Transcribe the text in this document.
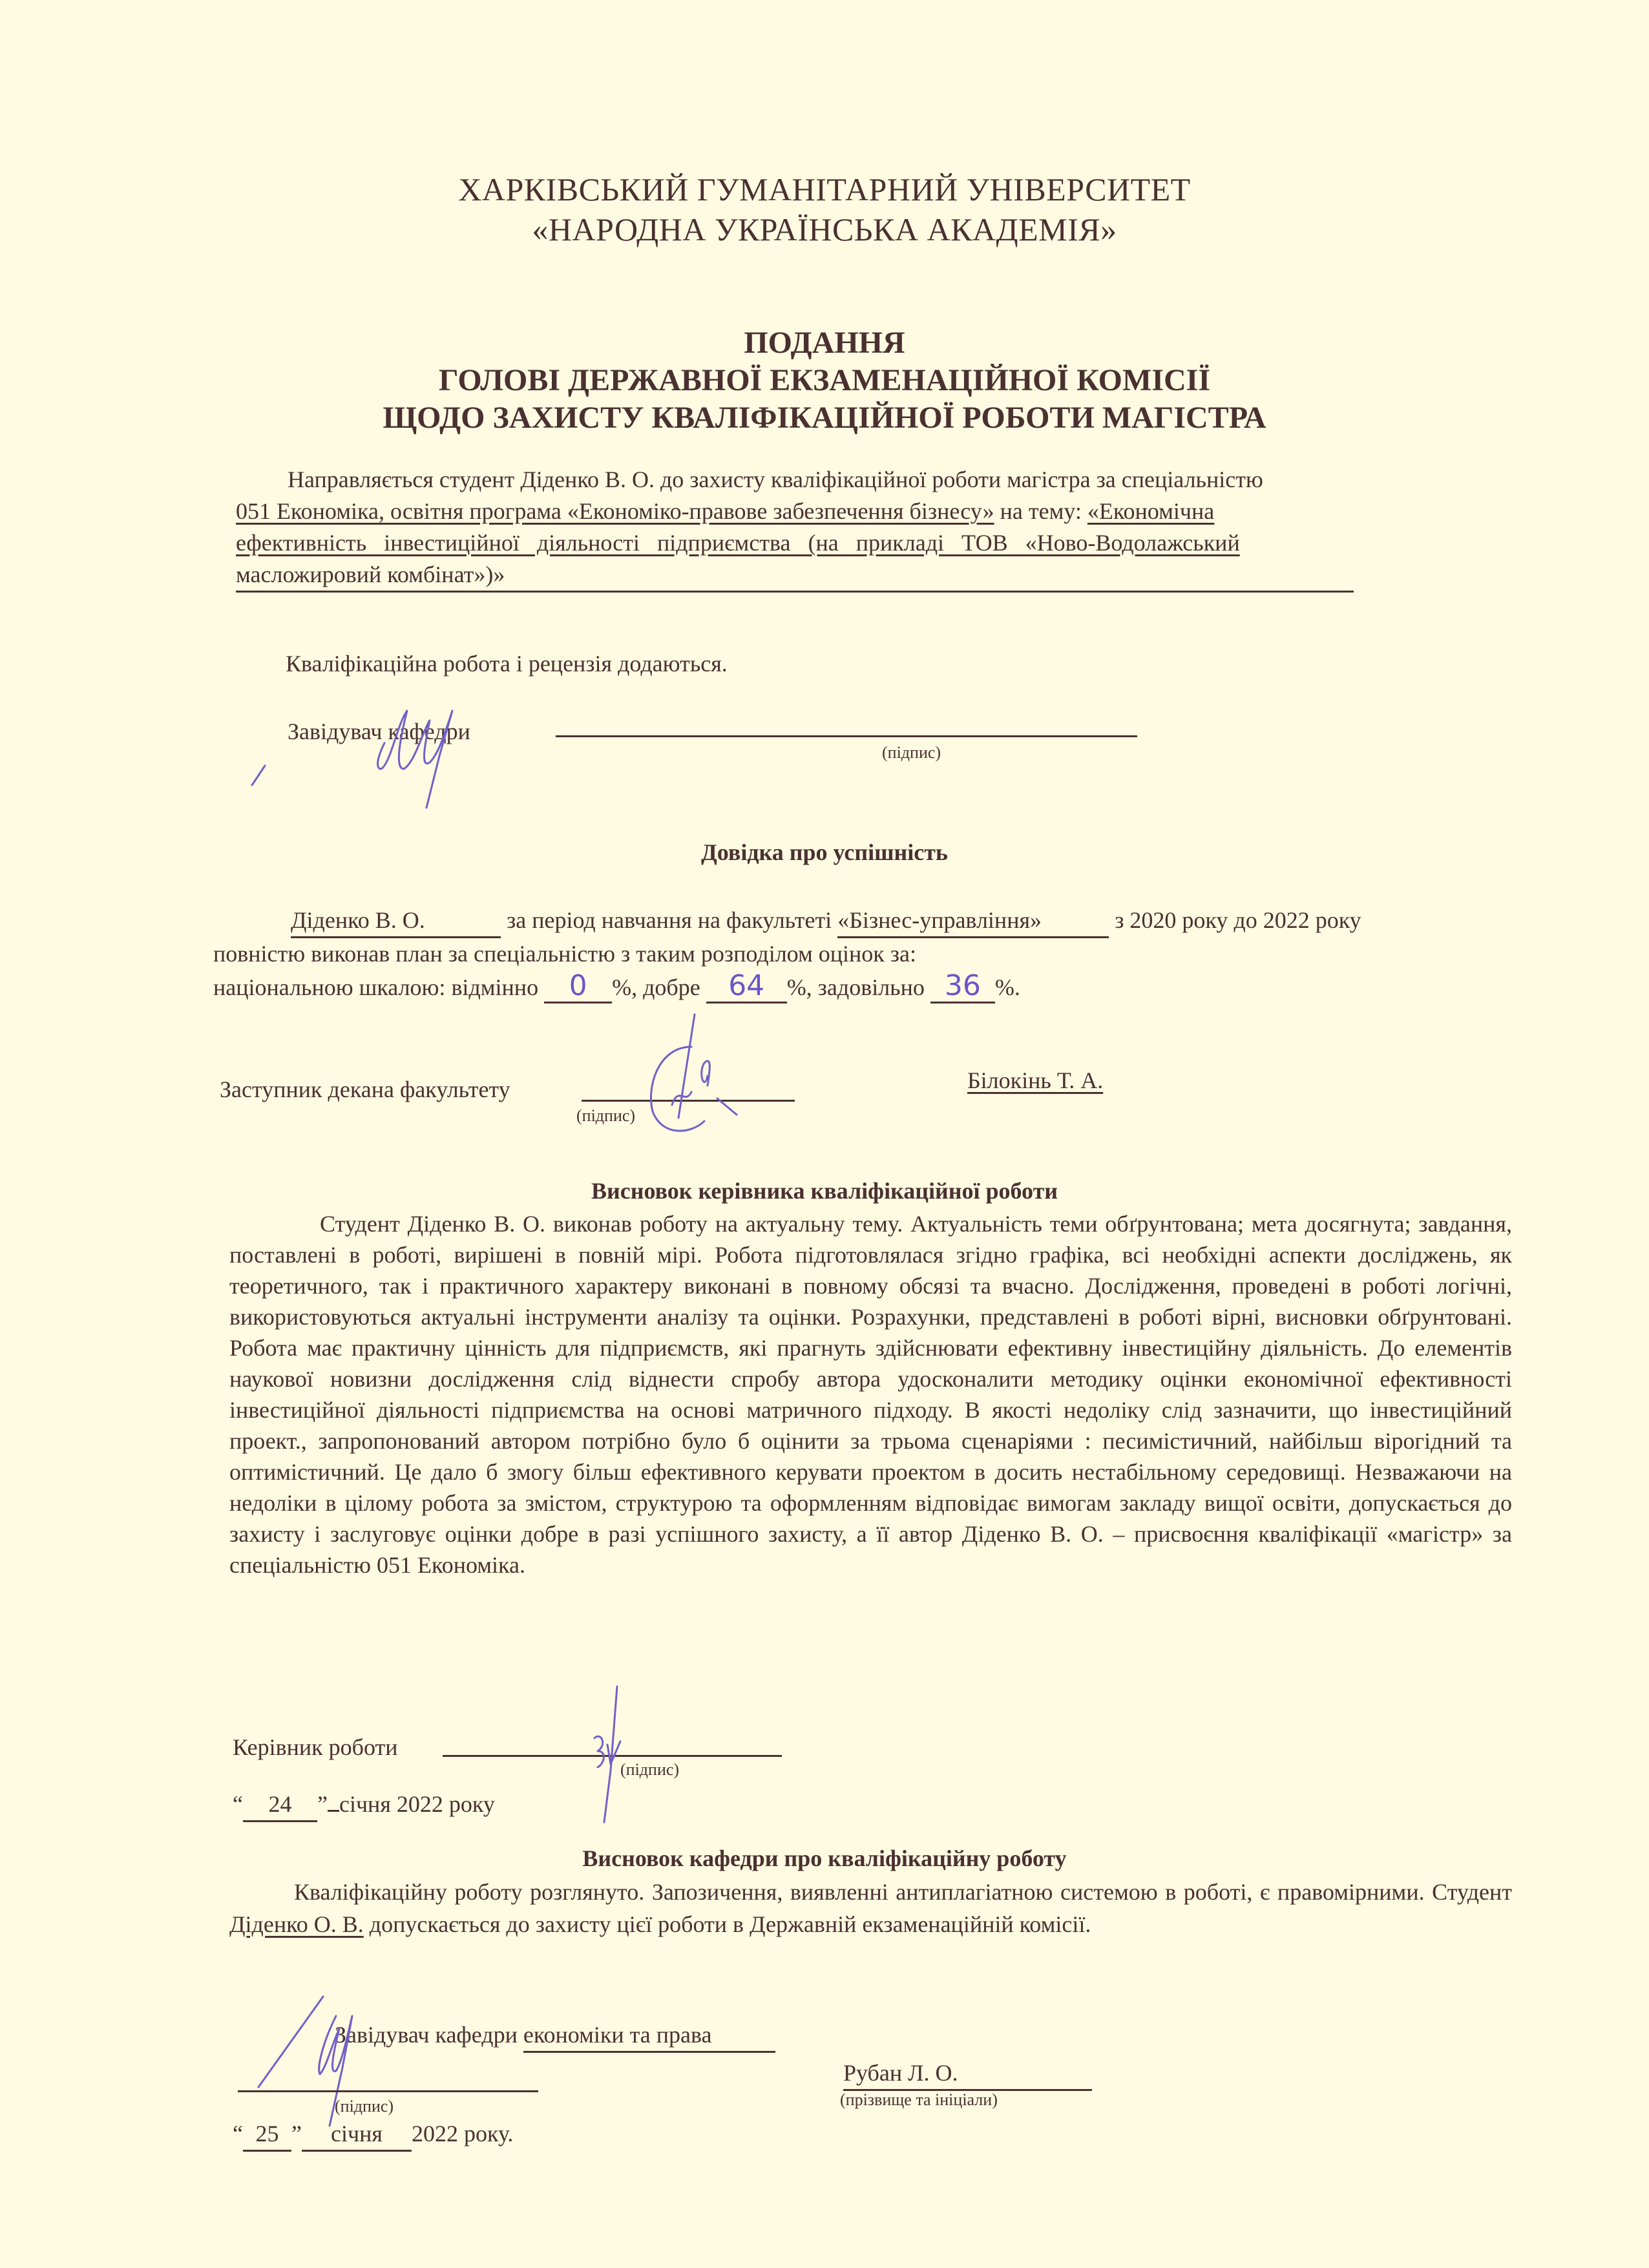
ХАРКІВСЬКИЙ ГУМАНІТАРНИЙ УНІВЕРСИТЕТ
«НАРОДНА УКРАЇНСЬКА АКАДЕМІЯ»
ПОДАННЯ
ГОЛОВІ ДЕРЖАВНОЇ ЕКЗАМЕНАЦІЙНОЇ КОМІСІЇ
ЩОДО ЗАХИСТУ КВАЛІФІКАЦІЙНОЇ РОБОТИ МАГІСТРА
Направляється студент Діденко В. О. до захисту кваліфікаційної роботи магістра за спеціальністю
051 Економіка, освітня програма «Економіко-правове забезпечення бізнесу» на тему: «Економічна
ефективність   інвестиційної   діяльності   підприємства   (на   прикладі   ТОВ   «Ново-Водолажський
масложировий комбінат»)»
Кваліфікаційна робота і рецензія додаються.
Завідувач кафедри
(підпис)
Довідка про успішність
Діденко В. О.	за період навчання на факультеті «Бізнес-управління»	з 2020 року до 2022 року
повністю виконав план за спеціальністю з таким розподілом оцінок за:
національною шкалою: відмінно 0 %, добре 64 %, задовільно 36 %.
Заступник декана факультету
(підпис)
Білокінь Т. А.
Висновок керівника кваліфікаційної роботи
Студент Діденко В. О. виконав роботу на актуальну тему. Актуальність теми обґрунтована; мета досягнута; завдання, поставлені в роботі, вирішені в повній мірі. Робота підготовлялася згідно графіка, всі необхідні аспекти досліджень, як теоретичного, так і практичного характеру виконані в повному обсязі та вчасно. Дослідження, проведені в роботі логічні, використовуються актуальні інструменти аналізу та оцінки. Розрахунки, представлені в роботі вірні, висновки обґрунтовані. Робота має практичну цінність для підприємств, які прагнуть здійснювати ефективну інвестиційну діяльність. До елементів наукової новизни дослідження слід віднести спробу автора удосконалити методику оцінки економічної ефективності інвестиційної діяльності підприємства на основі матричного підходу. В якості недоліку слід зазначити, що інвестиційний проект., запропонований автором потрібно було б оцінити за трьома сценаріями : песимістичний, найбільш вірогідний та оптимістичний. Це дало б змогу більш ефективного керувати проектом в досить нестабільному середовищі. Незважаючи на недоліки в цілому робота за змістом, структурою та оформленням відповідає вимогам закладу вищої освіти, допускається до захисту і заслуговує оцінки добре в разі успішного захисту, а її автор Діденко В. О. – присвоєння кваліфікації «магістр» за спеціальністю 051 Економіка.
Керівник роботи
(підпис)
“ 24 ” січня 2022 року
Висновок кафедри про кваліфікаційну роботу
Кваліфікаційну роботу розглянуто. Запозичення, виявленні антиплагіатною системою в роботі, є правомірними. Студент Діденко О. В. допускається до захисту цієї роботи в Державній екзаменаційній комісії.
Завідувач кафедри економіки та права
Рубан Л. О.
(підпис)	(прізвище та ініціали)
“ 25 ” січня 2022 року.
